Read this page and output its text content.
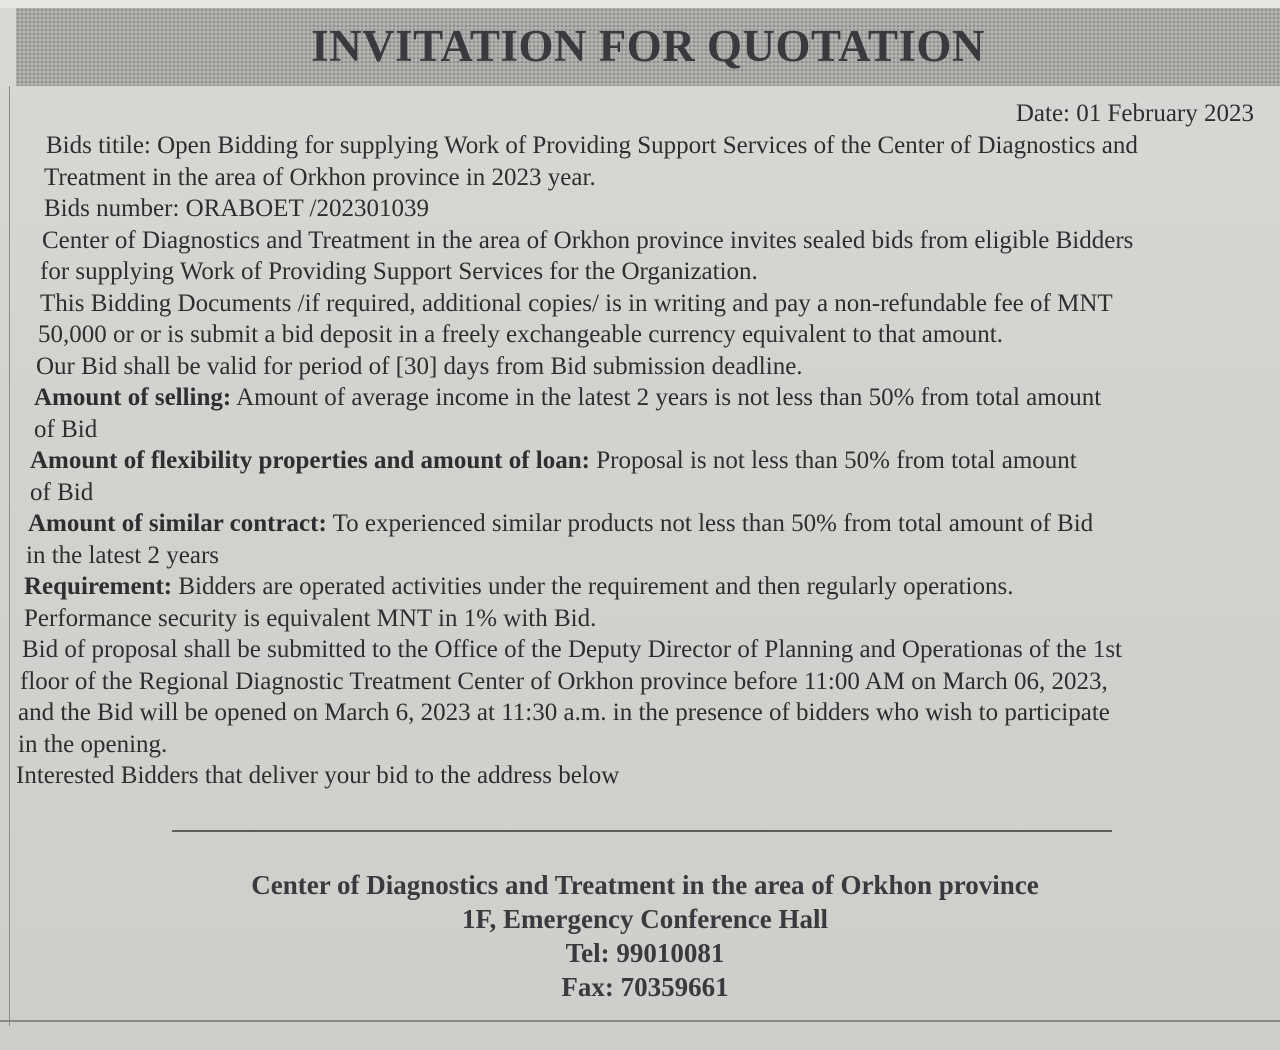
INVITATION FOR QUOTATION

Date: 01 February 2023

Bids titile: Open Bidding for supplying Work of Providing Support Services of the Center of Diagnostics and

Treatment in the area of Orkhon province in 2023 year.

Bids number: ORABOET /202301039

Center of Diagnostics and Treatment in the area of Orkhon province invites sealed bids from eligible Bidders

for supplying Work of Providing Support Services for the Organization.

This Bidding Documents /if required, additional copies/ is in writing and pay a non-refundable fee of MNT

50,000 or or is submit a bid deposit in a freely exchangeable currency equivalent to that amount.

Our Bid shall be valid for period of [30] days from Bid submission deadline.

Amount of selling: Amount of average income in the latest 2 years is not less than 50% from total amount

of Bid

Amount of flexibility properties and amount of loan: Proposal is not less than 50% from total amount

of Bid

Amount of similar contract: To experienced similar products not less than 50% from total amount of Bid

in the latest 2 years

Requirement: Bidders are operated activities under the requirement and then regularly operations.

Performance security is equivalent MNT in 1% with Bid.

Bid of proposal shall be submitted to the Office of the Deputy Director of Planning and Operationas of the 1st

floor of the Regional Diagnostic Treatment Center of Orkhon province before 11:00 AM on March 06, 2023,

and the Bid will be opened on March 6, 2023 at 11:30 a.m. in the presence of bidders who wish to participate

in the opening.

Interested Bidders that deliver your bid to the address below

Center of Diagnostics and Treatment in the area of Orkhon province

1F, Emergency Conference Hall

Tel: 99010081

Fax: 70359661
